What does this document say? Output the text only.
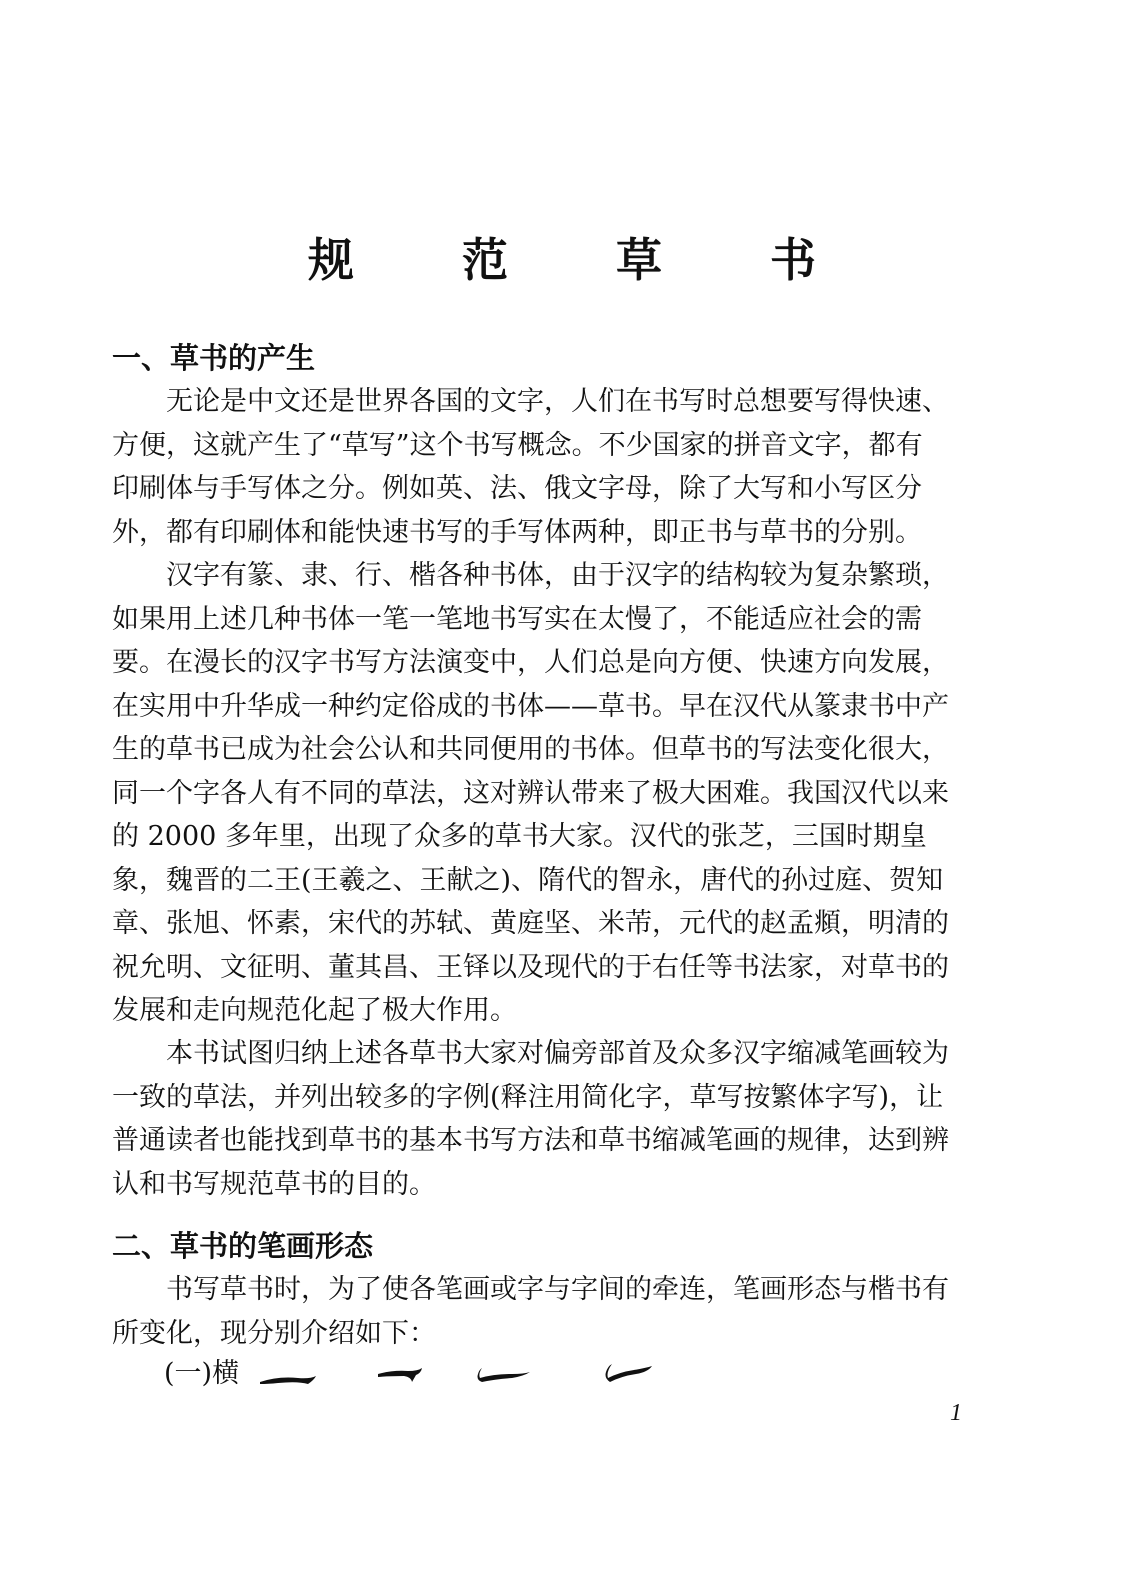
规 范 草 书
一、草书的产生
无论是中文还是世界各国的文字，人们在书写时总想要写得快速、
方便，这就产生了“草写”这个书写概念。不少国家的拼音文字，都有
印刷体与手写体之分。例如英、法、俄文字母，除了大写和小写区分
外，都有印刷体和能快速书写的手写体两种，即正书与草书的分别。
汉字有篆、隶、行、楷各种书体，由于汉字的结构较为复杂繁琐，
如果用上述几种书体一笔一笔地书写实在太慢了，不能适应社会的需
要。在漫长的汉字书写方法演变中，人们总是向方便、快速方向发展，
在实用中升华成一种约定俗成的书体——草书。早在汉代从篆隶书中产
生的草书已成为社会公认和共同便用的书体。但草书的写法变化很大，
同一个字各人有不同的草法，这对辨认带来了极大困难。我国汉代以来
的 2000 多年里，出现了众多的草书大家。汉代的张芝，三国时期皇
象，魏晋的二王(王羲之、王献之)、隋代的智永，唐代的孙过庭、贺知
章、张旭、怀素，宋代的苏轼、黄庭坚、米芾，元代的赵孟頫，明清的
祝允明、文征明、董其昌、王铎以及现代的于右任等书法家，对草书的
发展和走向规范化起了极大作用。
本书试图归纳上述各草书大家对偏旁部首及众多汉字缩减笔画较为
一致的草法，并列出较多的字例(释注用简化字，草写按繁体字写)，让
普通读者也能找到草书的基本书写方法和草书缩减笔画的规律，达到辨
认和书写规范草书的目的。
二、草书的笔画形态
书写草书时，为了使各笔画或字与字间的牵连，笔画形态与楷书有
所变化，现分别介绍如下：
(一)横
1
